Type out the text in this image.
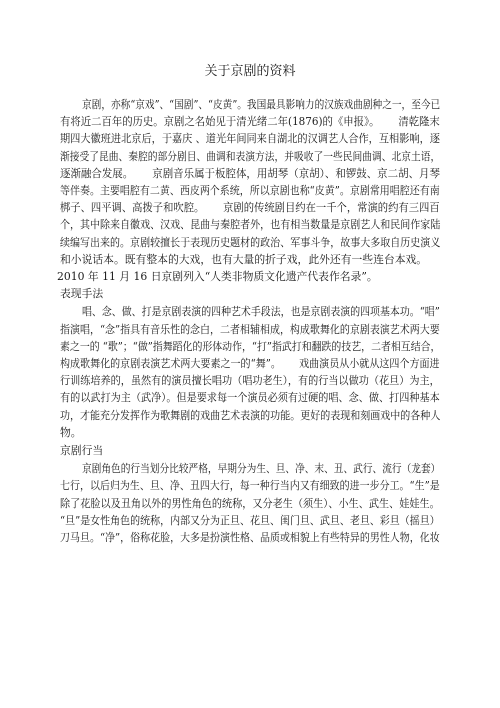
关于京剧的资料
京剧，亦称“京戏”、“国剧”、“皮黄”。我国最具影响力的汉族戏曲剧种之一，至今已
有将近二百年的历史。京剧之名始见于清光绪二年(1876)的《申报》。　　 清乾隆末
期四大徽班进北京后，于嘉庆 、道光年间同来自湖北的汉调艺人合作，互相影响，逐
渐接受了昆曲、秦腔的部分剧目、曲调和表演方法，并吸收了一些民间曲调、北京土语，
逐渐融合发展。　　 京剧音乐属于板腔体，用胡琴（京胡）、和锣鼓、京二胡、月琴
等伴奏。主要唱腔有二黄、西皮两个系统，所以京剧也称“皮黄”。京剧常用唱腔还有南
梆子、四平调、高拨子和吹腔。　　 京剧的传统剧目约在一千个，常演的约有三四百
个，其中除来自徽戏、汉戏、昆曲与秦腔者外，也有相当数量是京剧艺人和民间作家陆
续编写出来的。京剧较擅长于表现历史题材的政治、军事斗争，故事大多取自历史演义
和小说话本。既有整本的大戏，也有大量的折子戏，此外还有一些连台本戏。
2010 年 11 月 16 日京剧列入“人类非物质文化遗产代表作名录”。
表现手法
唱、念、做、打是京剧表演的四种艺术手段法，也是京剧表演的四项基本功。“唱”
指演唱，“念”指具有音乐性的念白，二者相辅相成，构成歌舞化的京剧表演艺术两大要
素之一的 “歌”；“做”指舞蹈化的形体动作，“打”指武打和翻跌的技艺，二者相互结合，
构成歌舞化的京剧表演艺术两大要素之一的“舞”。　　 戏曲演员从小就从这四个方面进
行训练培养的，虽然有的演员擅长唱功（唱功老生），有的行当以做功（花旦）为主，
有的以武打为主（武净）。但是要求每一个演员必须有过硬的唱、念、做、打四种基本
功，才能充分发挥作为歌舞剧的戏曲艺术表演的功能。更好的表现和刻画戏中的各种人
物。
京剧行当
京剧角色的行当划分比较严格，早期分为生、旦、净、末、丑、武行、流行（龙套）
七行，以后归为生、旦、净、丑四大行，每一种行当内又有细致的进一步分工。“生”是
除了花脸以及丑角以外的男性角色的统称，又分老生（须生）、小生、武生、娃娃生。
“旦”是女性角色的统称，内部又分为正旦、花旦、闺门旦、武旦、老旦、彩旦（摇旦）
刀马旦。“净”，俗称花脸，大多是扮演性格、品质或相貌上有些特异的男性人物，化妆
